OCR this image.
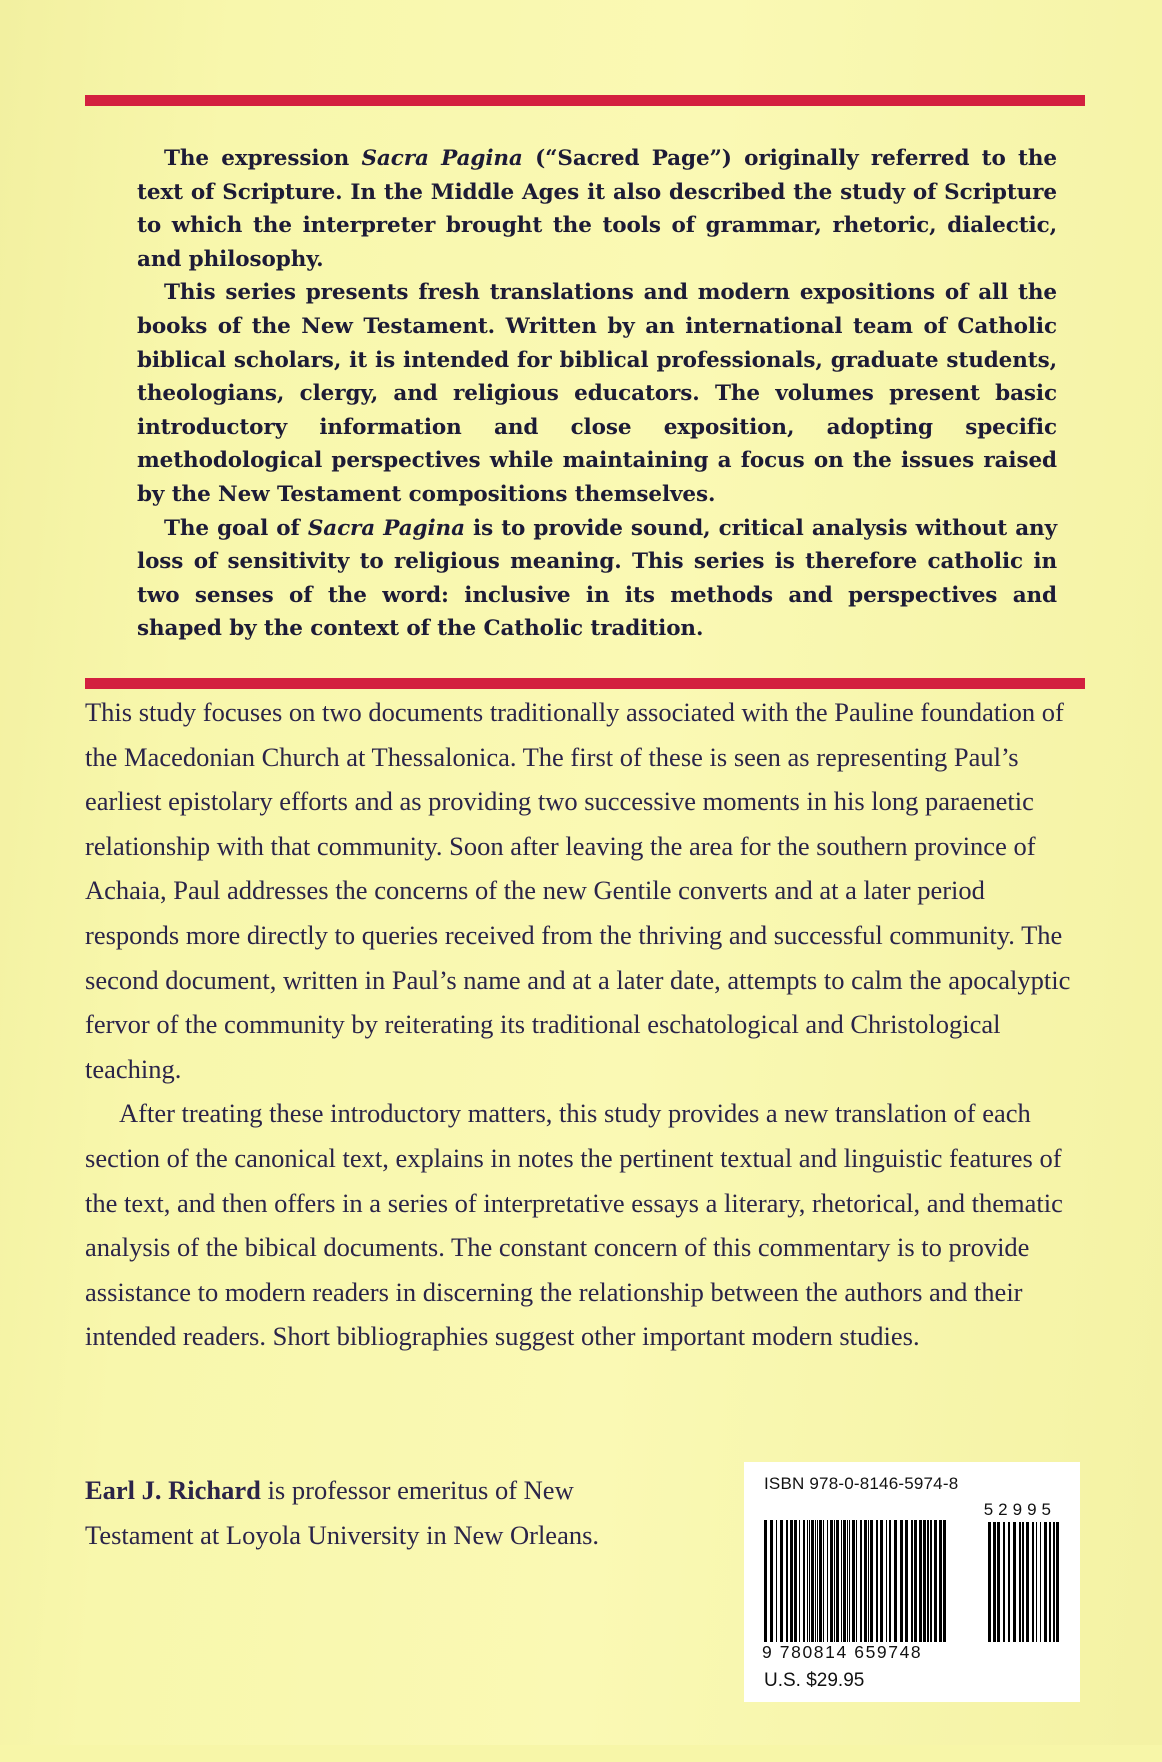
The expression Sacra Pagina (“Sacred Page”) originally referred to the text of Scripture. In the Middle Ages it also described the study of Scripture to which the interpreter brought the tools of grammar, rhetoric, dialectic, and philosophy.

This series presents fresh translations and modern expositions of all the books of the New Testament. Written by an international team of Catholic biblical scholars, it is intended for biblical professionals, graduate students, theologians, clergy, and religious educators. The volumes present basic introductory information and close exposition, adopting specific methodological perspectives while maintaining a focus on the issues raised by the New Testament compositions themselves.

The goal of Sacra Pagina is to provide sound, critical analysis without any loss of sensitivity to religious meaning. This series is therefore catholic in two senses of the word: inclusive in its methods and perspectives and shaped by the context of the Catholic tradition.

This study focuses on two documents traditionally associated with the Pauline foundation of the Macedonian Church at Thessalonica. The first of these is seen as representing Paul’s earliest epistolary efforts and as providing two successive moments in his long paraenetic relationship with that community. Soon after leaving the area for the southern province of Achaia, Paul addresses the concerns of the new Gentile converts and at a later period responds more directly to queries received from the thriving and successful community. The second document, written in Paul’s name and at a later date, attempts to calm the apocalyptic fervor of the community by reiterating its traditional eschatological and Christological teaching.

After treating these introductory matters, this study provides a new translation of each section of the canonical text, explains in notes the pertinent textual and linguistic features of the text, and then offers in a series of interpretative essays a literary, rhetorical, and thematic analysis of the bibical documents. The constant concern of this commentary is to provide assistance to modern readers in discerning the relationship between the authors and their intended readers. Short bibliographies suggest other important modern studies.

Earl J. Richard is professor emeritus of New Testament at Loyola University in New Orleans.
ISBN 978-0-8146-5974-8
52995
9 780814 659748
U.S. $29.95
